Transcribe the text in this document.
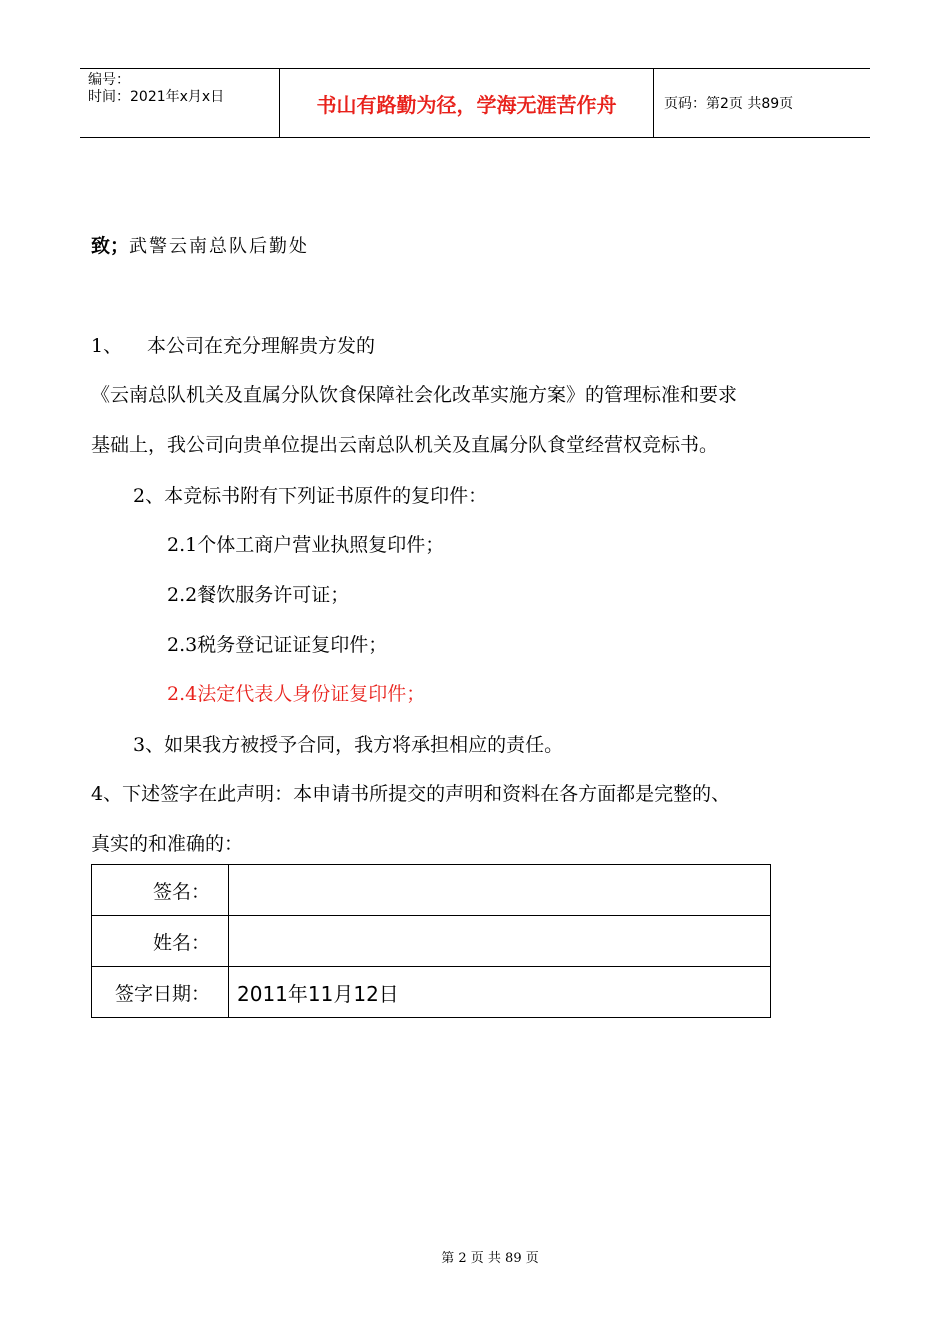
编号：
时间：2021年x月x日	书山有路勤为径，学海无涯苦作舟	页码：第2页 共89页
致；武警云南总队后勤处
1、 本公司在充分理解贵方发的
《云南总队机关及直属分队饮食保障社会化改革实施方案》的管理标准和要求
基础上，我公司向贵单位提出云南总队机关及直属分队食堂经营权竞标书。
2、本竞标书附有下列证书原件的复印件：
2.1个体工商户营业执照复印件；
2.2餐饮服务许可证；
2.3税务登记证证复印件；
2.4法定代表人身份证复印件；
3、如果我方被授予合同，我方将承担相应的责任。
4、下述签字在此声明：本申请书所提交的声明和资料在各方面都是完整的、
真实的和准确的：
签名：	
姓名：	
签字日期：	2011年11月12日
第 2 页 共 89 页
